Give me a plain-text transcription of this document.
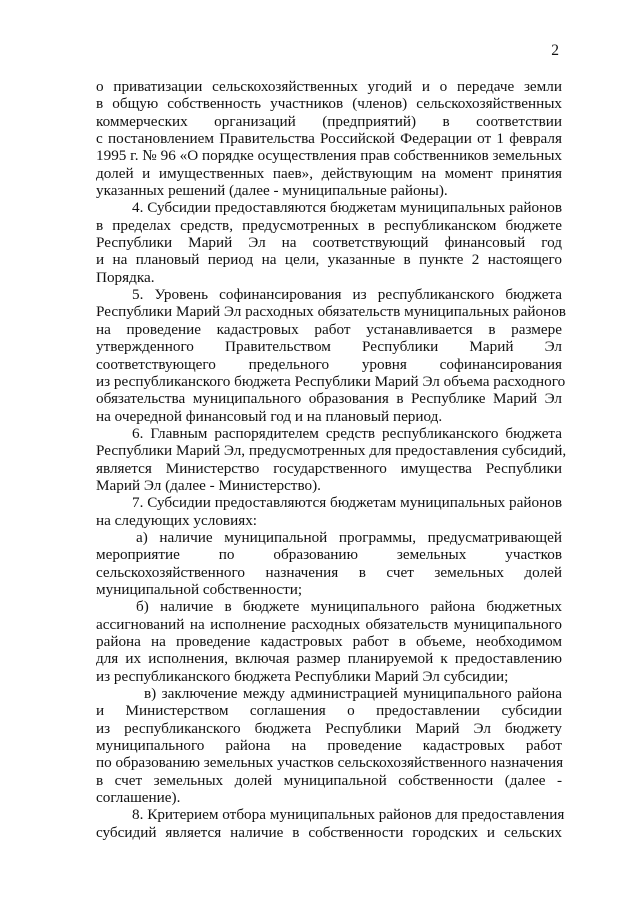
2
о приватизации сельскохозяйственных угодий и о передаче земли
в общую собственность участников (членов) сельскохозяйственных
коммерческих организаций (предприятий) в соответствии
с постановлением Правительства Российской Федерации от 1 февраля
1995 г. № 96 «О порядке осуществления прав собственников земельных
долей и имущественных паев», действующим на момент принятия
указанных решений (далее - муниципальные районы).
4. Субсидии предоставляются бюджетам муниципальных районов
в пределах средств, предусмотренных в республиканском бюджете
Республики Марий Эл на соответствующий финансовый год
и на плановый период на цели, указанные в пункте 2 настоящего
Порядка.
5. Уровень софинансирования из республиканского бюджета
Республики Марий Эл расходных обязательств муниципальных районов
на проведение кадастровых работ устанавливается в размере
утвержденного Правительством Республики Марий Эл
соответствующего предельного уровня софинансирования
из республиканского бюджета Республики Марий Эл объема расходного
обязательства муниципального образования в Республике Марий Эл
на очередной финансовый год и на плановый период.
6. Главным распорядителем средств республиканского бюджета
Республики Марий Эл, предусмотренных для предоставления субсидий,
является Министерство государственного имущества Республики
Марий Эл (далее - Министерство).
7. Субсидии предоставляются бюджетам муниципальных районов
на следующих условиях:
а) наличие муниципальной программы, предусматривающей
мероприятие по образованию земельных участков
сельскохозяйственного назначения в счет земельных долей
муниципальной собственности;
б) наличие в бюджете муниципального района бюджетных
ассигнований на исполнение расходных обязательств муниципального
района на проведение кадастровых работ в объеме, необходимом
для их исполнения, включая размер планируемой к предоставлению
из республиканского бюджета Республики Марий Эл субсидии;
в) заключение между администрацией муниципального района
и Министерством соглашения о предоставлении субсидии
из республиканского бюджета Республики Марий Эл бюджету
муниципального района на проведение кадастровых работ
по образованию земельных участков сельскохозяйственного назначения
в счет земельных долей муниципальной собственности (далее -
соглашение).
8. Критерием отбора муниципальных районов для предоставления
субсидий является наличие в собственности городских и сельских
